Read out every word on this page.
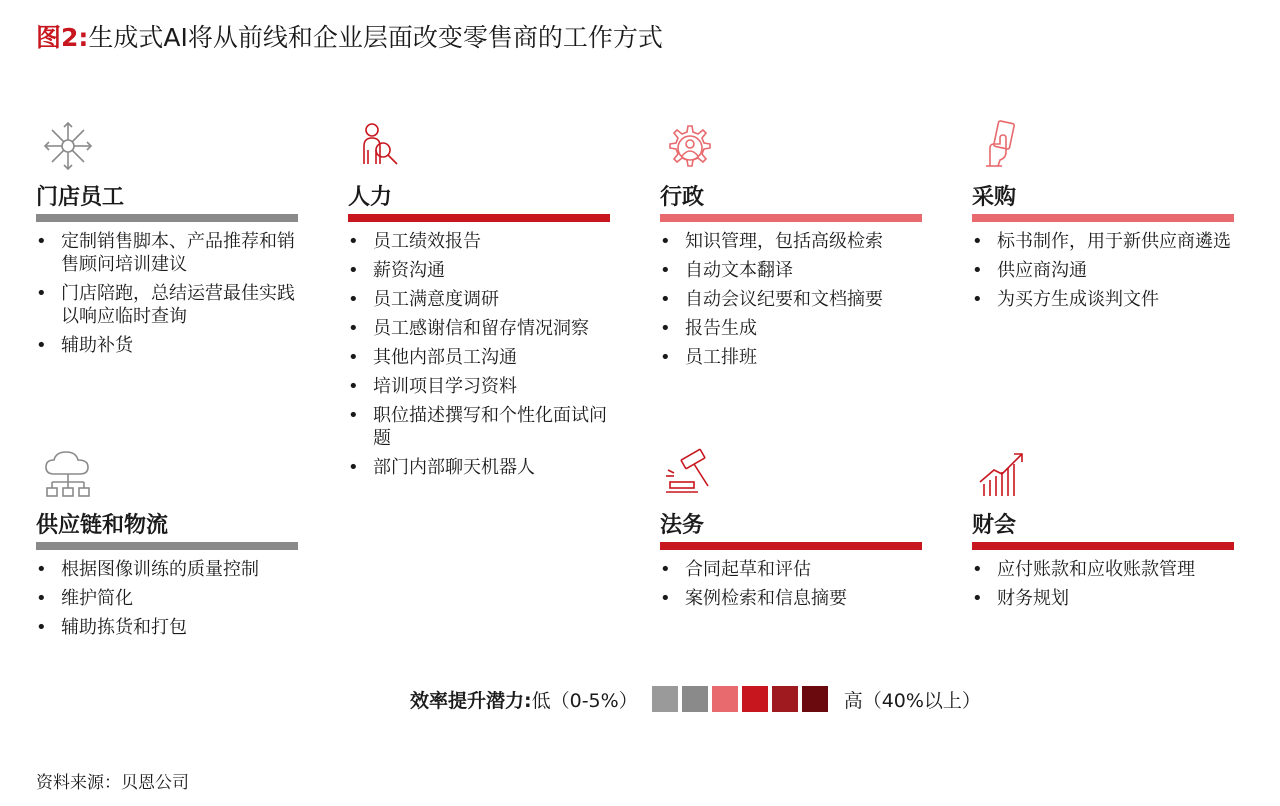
图2:生成式AI将从前线和企业层面改变零售商的工作方式
门店员工
• 定制销售脚本、产品推荐和销售顾问培训建议
• 门店陪跑，总结运营最佳实践以响应临时查询
• 辅助补货
人力
• 员工绩效报告
• 薪资沟通
• 员工满意度调研
• 员工感谢信和留存情况洞察
• 其他内部员工沟通
• 培训项目学习资料
• 职位描述撰写和个性化面试问题
• 部门内部聊天机器人
行政
• 知识管理，包括高级检索
• 自动文本翻译
• 自动会议纪要和文档摘要
• 报告生成
• 员工排班
采购
• 标书制作，用于新供应商遴选
• 供应商沟通
• 为买方生成谈判文件
供应链和物流
• 根据图像训练的质量控制
• 维护简化
• 辅助拣货和打包
法务
• 合同起草和评估
• 案例检索和信息摘要
财会
• 应付账款和应收账款管理
• 财务规划
效率提升潜力: 低（0-5%）	高（40%以上）
资料来源：贝恩公司
